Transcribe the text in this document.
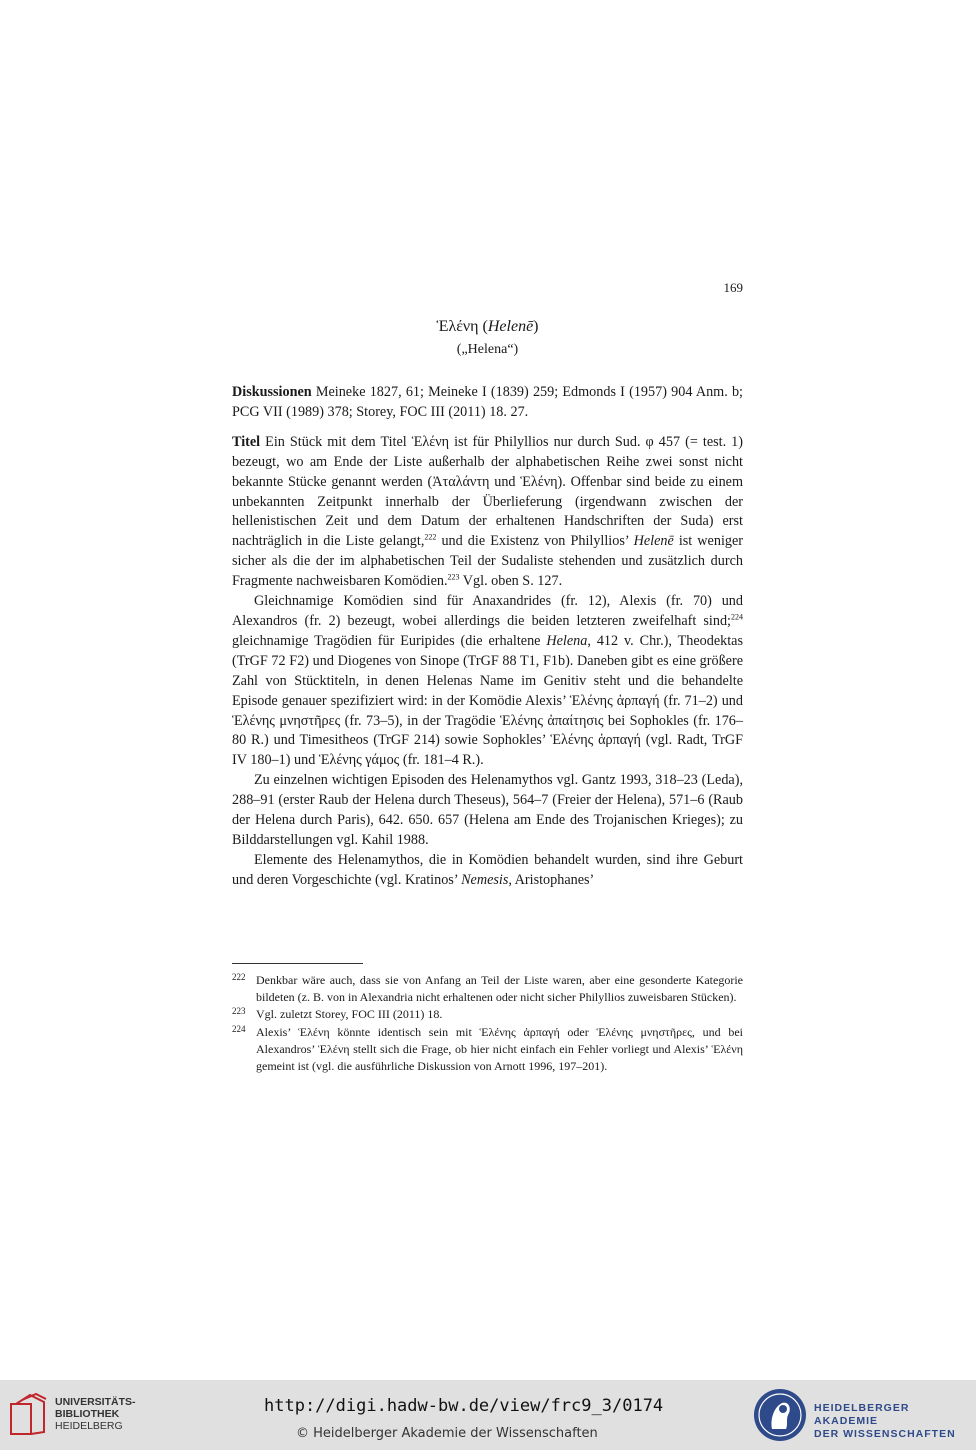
169
Ἑλένη (Helenē)
(„Helena“)

Diskussionen Meineke 1827, 61; Meineke I (1839) 259; Edmonds I (1957) 904 Anm. b; PCG VII (1989) 378; Storey, FOC III (2011) 18. 27.

Titel Ein Stück mit dem Titel Ἑλένη ist für Philyllios nur durch Sud. φ 457 (= test. 1) bezeugt, wo am Ende der Liste außerhalb der alphabetischen Reihe zwei sonst nicht bekannte Stücke genannt werden (Ἀταλάντη und Ἑλένη). Offenbar sind beide zu einem unbekannten Zeitpunkt innerhalb der Überlieferung (irgendwann zwischen der hellenistischen Zeit und dem Datum der erhaltenen Handschriften der Suda) erst nachträglich in die Liste gelangt,$^{222}$ und die Existenz von Philyllios’ Helenē ist weniger sicher als die der im alphabetischen Teil der Sudaliste stehenden und zusätzlich durch Fragmente nachweisbaren Komödien.$^{223}$ Vgl. oben S. 127.

Gleichnamige Komödien sind für Anaxandrides (fr. 12), Alexis (fr. 70) und Alexandros (fr. 2) bezeugt, wobei allerdings die beiden letzteren zweifelhaft sind;$^{224}$ gleichnamige Tragödien für Euripides (die erhaltene Helena, 412 v. Chr.), Theodektas (TrGF 72 F2) und Diogenes von Sinope (TrGF 88 T1, F1b). Daneben gibt es eine größere Zahl von Stücktiteln, in denen Helenas Name im Genitiv steht und die behandelte Episode genauer spezifiziert wird: in der Komödie Alexis’ Ἑλένης ἁρπαγή (fr. 71–2) und Ἑλένης μνηστῆρες (fr. 73–5), in der Tragödie Ἑλένης ἀπαίτησις bei Sophokles (fr. 176–80 R.) und Timesitheos (TrGF 214) sowie Sophokles’ Ἑλένης ἁρπαγή (vgl. Radt, TrGF IV 180–1) und Ἑλένης γάμος (fr. 181–4 R.).

Zu einzelnen wichtigen Episoden des Helenamythos vgl. Gantz 1993, 318–23 (Leda), 288–91 (erster Raub der Helena durch Theseus), 564–7 (Freier der Helena), 571–6 (Raub der Helena durch Paris), 642. 650. 657 (Helena am Ende des Trojanischen Krieges); zu Bilddarstellungen vgl. Kahil 1988.

Elemente des Helenamythos, die in Komödien behandelt wurden, sind ihre Geburt und deren Vorgeschichte (vgl. Kratinos’ Nemesis, Aristophanes’

222 Denkbar wäre auch, dass sie von Anfang an Teil der Liste waren, aber eine gesonderte Kategorie bildeten (z. B. von in Alexandria nicht erhaltenen oder nicht sicher Philyllios zuweisbaren Stücken).

223 Vgl. zuletzt Storey, FOC III (2011) 18.

224 Alexis’ Ἑλένη könnte identisch sein mit Ἑλένης ἁρπαγή oder Ἑλένης μνηστῆρες, und bei Alexandros’ Ἑλένη stellt sich die Frage, ob hier nicht einfach ein Fehler vorliegt und Alexis’ Ἑλένη gemeint ist (vgl. die ausführliche Diskussion von Arnott 1996, 197–201).

UNIVERSITÄTS-
BIBLIOTHEK
HEIDELBERG
http://digi.hadw-bw.de/view/frc9_3/0174
© Heidelberger Akademie der Wissenschaften
HEIDELBERGER AKADEMIE
DER WISSENSCHAFTEN
